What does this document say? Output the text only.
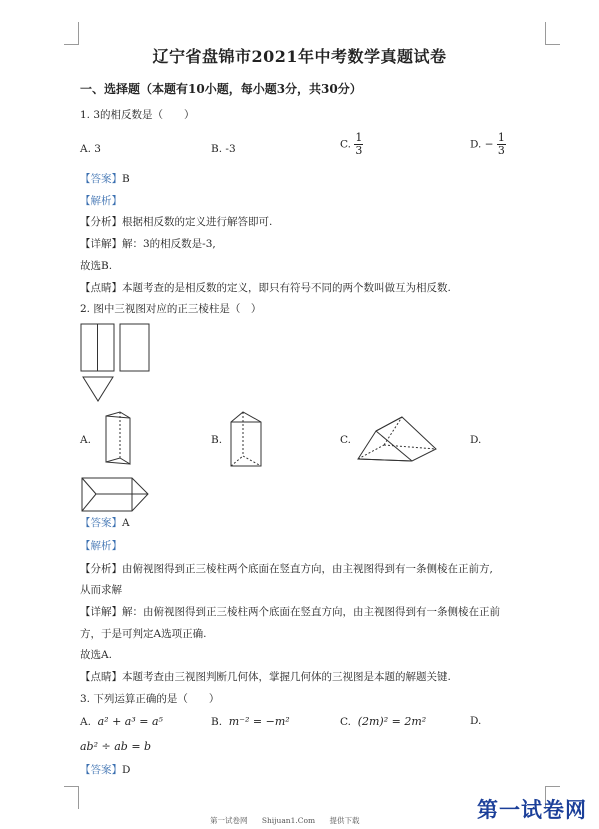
辽宁省盘锦市2021年中考数学真题试卷
一、选择题（本题有10小题，每小题3分，共30分）
1. 3的相反数是（　　）
A. 3	B. -3	C. $\frac{1}{3}$	D. − $\frac{1}{3}$
【答案】B
【解析】
【分析】根据相反数的定义进行解答即可.
【详解】解：3的相反数是-3,
故选B.
【点睛】本题考查的是相反数的定义，即只有符号不同的两个数叫做互为相反数.
2. 图中三视图对应的正三棱柱是（　）
A.	B.	C.	D.
【答案】A
【解析】
【分析】由俯视图得到正三棱柱两个底面在竖直方向，由主视图得到有一条侧棱在正前方,
从而求解
【详解】解：由俯视图得到正三棱柱两个底面在竖直方向，由主视图得到有一条侧棱在正前
方，于是可判定A选项正确.
故选A.
【点睛】本题考查由三视图判断几何体，掌握几何体的三视图是本题的解题关键.
3. 下列运算正确的是（　　）
A. a² + a³ = a⁵	B. m⁻² = −m²	C. (2m)² = 2m²	D.
ab² ÷ ab = b
【答案】D
第一试卷网 Shijuan1.Com 提供下载	第一试卷网
